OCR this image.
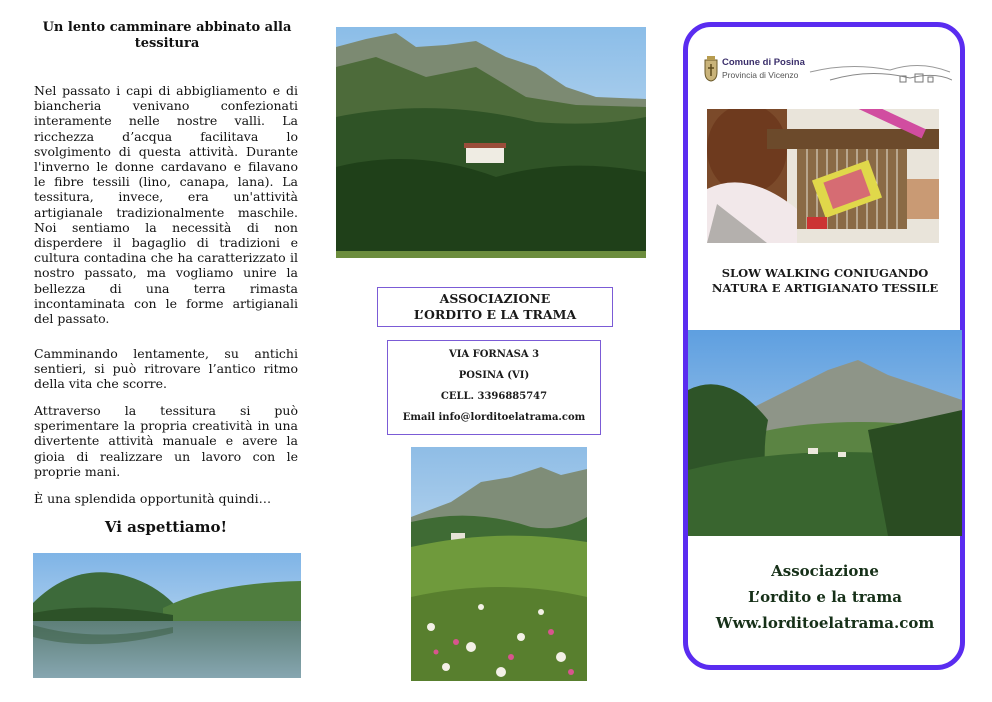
Un lento camminare abbinato alla tessitura
Nel passato i capi di abbigliamento e di biancheria venivano confezionati interamente nelle nostre valli. La ricchezza d’acqua facilitava lo svolgimento di questa attività. Durante l'inverno le donne cardavano e filavano le fibre tessili (lino, canapa, lana). La tessitura, invece, era un'attività artigianale tradizionalmente maschile. Noi sentiamo la necessità di non disperdere il bagaglio di tradizioni e cultura contadina che ha caratterizzato il nostro passato, ma vogliamo unire la bellezza di una terra rimasta incontaminata con le forme artigianali del passato.
Camminando lentamente, su antichi sentieri, si può ritrovare l’antico ritmo della vita che scorre.
Attraverso la tessitura si può sperimentare la propria creatività in una divertente attività manuale e avere la gioia di realizzare un lavoro con le proprie mani.
È una splendida opportunità quindi…
Vi aspettiamo!
ASSOCIAZIONE
L’ORDITO E LA TRAMA
VIA FORNASA 3
POSINA (VI)
CELL. 3396885747
Email info@lorditoelatrama.com
Comune di Posina
Provincia di Vicenzo
SLOW WALKING CONIUGANDO
NATURA E ARTIGIANATO TESSILE
Associazione
L’ordito e la trama
Www.lorditoelatrama.com
